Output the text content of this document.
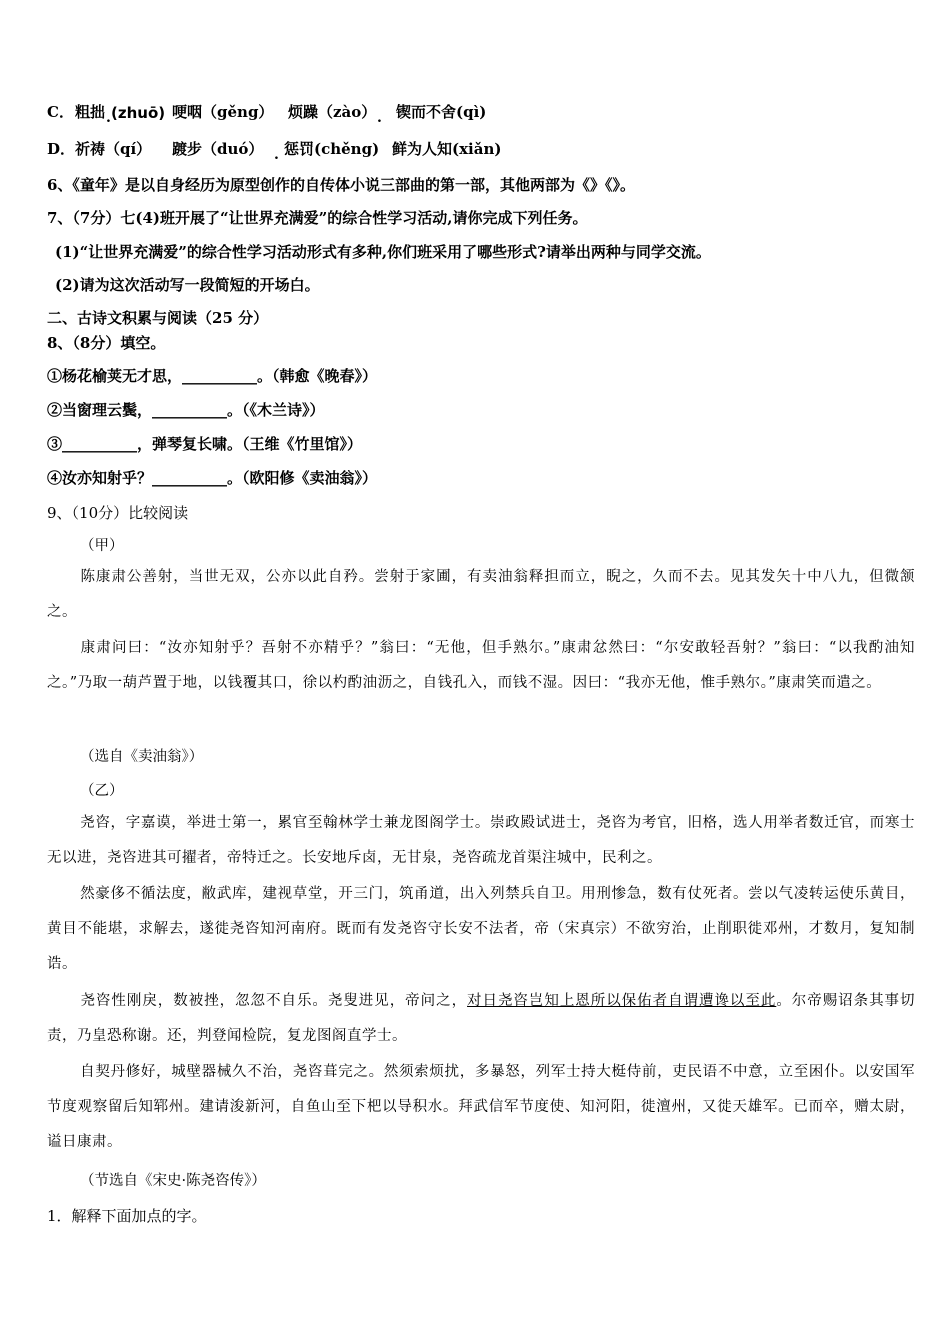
C． 粗拙 (zhuō) 哽咽（gěng） 烦躁（zào） 锲而不舍(qì)
.	.
D． 祈祷（qí） 踱步（duó） 惩罚(chěng) 鲜为人知(xiǎn)
.
6、《童年》是以自身经历为原型创作的自传体小说三部曲的第一部，其他两部为《》《》。
7、（7分）七(4)班开展了“让世界充满爱”的综合性学习活动,请你完成下列任务。
(1)“让世界充满爱”的综合性学习活动形式有多种,你们班采用了哪些形式?请举出两种与同学交流。
(2)请为这次活动写一段简短的开场白。
二、古诗文积累与阅读（25 分）
8、（8分）填空。
①杨花榆荚无才思，__________。（韩愈《晚春》）
②当窗理云鬓，__________。（《木兰诗》）
③__________，弹琴复长啸。（王维《竹里馆》）
④汝亦知射乎？__________。（欧阳修《卖油翁》）
9、（10分）比较阅读
（甲）
陈康肃公善射，当世无双，公亦以此自矜。尝射于家圃，有卖油翁释担而立，睨之，久而不去。见其发矢十中八九，但微颔之。
康肃问曰：“汝亦知射乎？吾射不亦精乎？”翁曰：“无他，但手熟尔。”康肃忿然曰：“尔安敢轻吾射？”翁曰：“以我酌油知之。”乃取一葫芦置于地，以钱覆其口，徐以杓酌油沥之，自钱孔入，而钱不湿。因曰：“我亦无他，惟手熟尔。”康肃笑而遣之。
（选自《卖油翁》）
（乙）
尧咨，字嘉谟，举进士第一，累官至翰林学士兼龙图阁学士。崇政殿试进士，尧咨为考官，旧格，选人用举者数迁官，而寒士无以进，尧咨进其可擢者，帝特迁之。长安地斥卤，无甘泉，尧咨疏龙首渠注城中，民利之。
然豪侈不循法度，敝武库，建视草堂，开三门，筑甬道，出入列禁兵自卫。用刑惨急，数有仗死者。尝以气凌转运使乐黄目，黄目不能堪，求解去，遂徙尧咨知河南府。既而有发尧咨守长安不法者，帝（宋真宗）不欲穷治，止削职徙邓州，才数月，复知制诰。
尧咨性刚戾，数被挫，忽忽不自乐。尧叟进见，帝问之，对日尧咨岂知上恩所以保佑者自谓遭谗以至此。尔帝赐诏条其事切责，乃皇恐称谢。还，判登闻检院，复龙图阁直学士。
自契丹修好，城壁器械久不治，尧咨葺完之。然须索烦扰，多暴怒，列军士持大梃侍前，吏民语不中意，立至困仆。以安国军节度观察留后知郓州。建请浚新河，自鱼山至下杷以导积水。拜武信军节度使、知河阳，徙澶州，又徙天雄军。已而卒，赠太尉，谥日康肃。
（节选自《宋史·陈尧咨传》）
1．解释下面加点的字。
